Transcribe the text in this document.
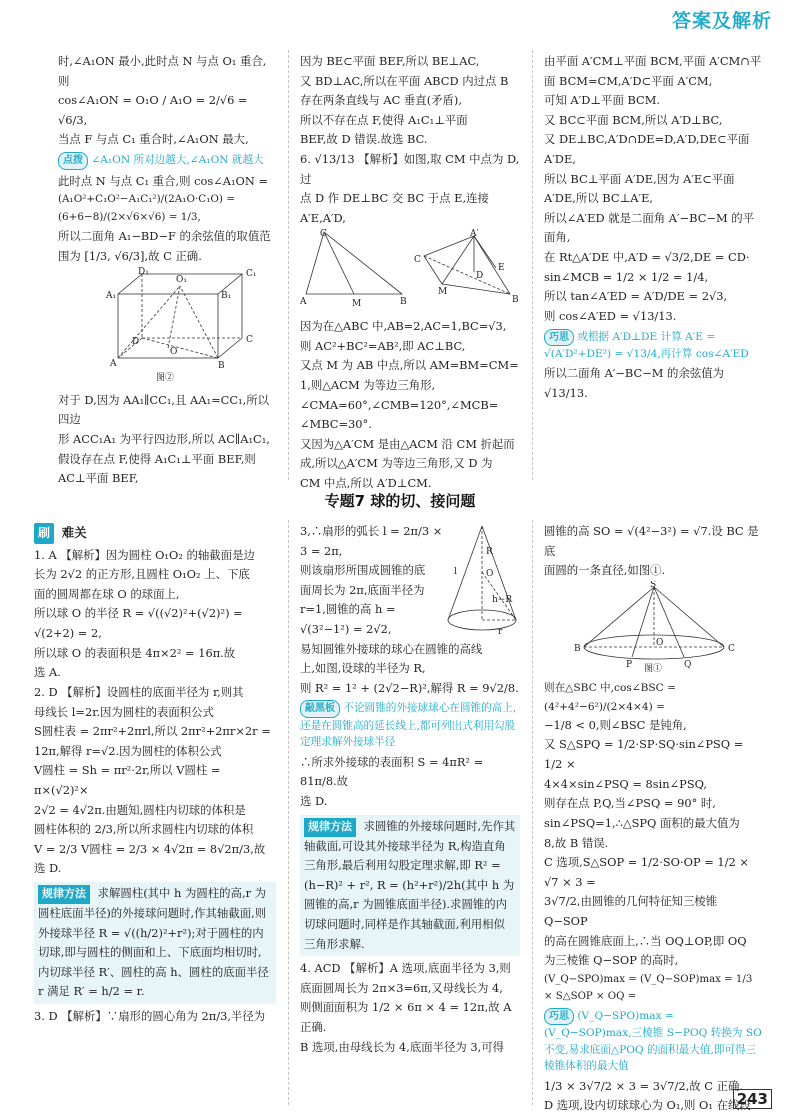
答案及解析

时,∠A₁ON 最小,此时点 N 与点 O₁ 重合,则

cos∠A₁ON = O₁O / A₁O = 2/√6 = √6/3,

当点 F 与点 C₁ 重合时,∠A₁ON 最大,

点拨 ∠A₁ON 所对边越大,∠A₁ON 就越大

此时点 N 与点 C₁ 重合,则 cos∠A₁ON =

(A₁O²+C₁O²−A₁C₁²)/(2A₁O·C₁O) = (6+6−8)/(2×√6×√6) = 1/3,

所以二面角 A₁−BD−F 的余弦值的取值范

围为 [1/3, √6/3],故 C 正确.

D₁
O₁
C₁
A₁	B₁
O
C
A	B
D
图②

对于 D,因为 AA₁∥CC₁,且 AA₁=CC₁,所以四边

形 ACC₁A₁ 为平行四边形,所以 AC∥A₁C₁,

假设存在点 F,使得 A₁C₁⊥平面 BEF,则

AC⊥平面 BEF,

因为 BE⊂平面 BEF,所以 BE⊥AC,

又 BD⊥AC,所以在平面 ABCD 内过点 B

存在两条直线与 AC 垂直(矛盾),

所以不存在点 F,使得 A₁C₁⊥平面

BEF,故 D 错误.故选 BC.

6. √13/13 【解析】如图,取 CM 中点为 D,过

点 D 作 DE⊥BC 交 BC 于点 E,连接

A′E,A′D,

C
A	M	B
A′
C
D
E
M
B

因为在△ABC 中,AB=2,AC=1,BC=√3,

则 AC²+BC²=AB²,即 AC⊥BC,

又点 M 为 AB 中点,所以 AM=BM=CM=

1,则△ACM 为等边三角形,

∠CMA=60°,∠CMB=120°,∠MCB=

∠MBC=30°.

又因为△A′CM 是由△ACM 沿 CM 折起而

成,所以△A′CM 为等边三角形,又 D 为

CM 中点,所以 A′D⊥CM.

由平面 A′CM⊥平面 BCM,平面 A′CM∩平

面 BCM=CM,A′D⊂平面 A′CM,

可知 A′D⊥平面 BCM.

又 BC⊂平面 BCM,所以 A′D⊥BC,

又 DE⊥BC,A′D∩DE=D,A′D,DE⊂平面

A′DE,

所以 BC⊥平面 A′DE,因为 A′E⊂平面

A′DE,所以 BC⊥A′E,

所以∠A′ED 就是二面角 A′−BC−M 的平

面角,

在 Rt△A′DE 中,A′D = √3/2,DE = CD·

sin∠MCB = 1/2 × 1/2 = 1/4,

所以 tan∠A′ED = A′D/DE = 2√3,

则 cos∠A′ED = √13/13.

巧思 或根据 A′D⊥DE 计算 A′E = √(A′D²+DE²) = √13/4,再计算 cos∠A′ED

所以二面角 A′−BC−M 的余弦值为 √13/13.

专题7 球的切、接问题

刷 难关

1. A 【解析】因为圆柱 O₁O₂ 的轴截面是边

长为 2√2 的正方形,且圆柱 O₁O₂ 上、下底

面的圆周都在球 O 的球面上,

所以球 O 的半径 R = √((√2)²+(√2)²) =

√(2+2) = 2,

所以球 O 的表面积是 4π×2² = 16π.故

选 A.

2. D 【解析】设圆柱的底面半径为 r,则其

母线长 l=2r.因为圆柱的表面积公式

S圆柱表 = 2πr²+2πrl,所以 2πr²+2πr×2r =

12π,解得 r=√2.因为圆柱的体积公式

V圆柱 = Sh = πr²·2r,所以 V圆柱 = π×(√2)²×

2√2 = 4√2π.由题知,圆柱内切球的体积是

圆柱体积的 2/3,所以所求圆柱内切球的体积

V = 2/3 V圆柱 = 2/3 × 4√2π = 8√2π/3,故选 D.

规律方法 求解圆柱(其中 h 为圆柱的高,r 为圆柱底面半径)的外接球问题时,作其轴截面,则外接球半径 R = √((h/2)²+r²);对于圆柱的内切球,即与圆柱的侧面和上、下底面均相切时,内切球半径 R′、圆柱的高 h、圆柱的底面半径 r 满足 R′ = h/2 = r.

3. D 【解析】∵扇形的圆心角为 2π/3,半径为

l	O
R
h−R
r

3,∴扇形的弧长 l = 2π/3 ×

3 = 2π,

则该扇形所围成圆锥的底

面周长为 2π,底面半径为

r=1,圆锥的高 h =

√(3²−1²) = 2√2,

易知圆锥外接球的球心在圆锥的高线

上,如图,设球的半径为 R,

则 R² = 1² + (2√2−R)²,解得 R = 9√2/8.

敲黑板 不论圆锥的外接球球心在圆锥的高上,还是在圆锥高的延长线上,都可列出式利用勾股定理求解外接球半径

∴所求外接球的表面积 S = 4πR² = 81π/8.故

选 D.

规律方法 求圆锥的外接球问题时,先作其轴截面,可设其外接球半径为 R,构造直角三角形,最后利用勾股定理求解,即 R² = (h−R)² + r², R = (h²+r²)/2h(其中 h 为圆锥的高,r 为圆锥底面半径).求圆锥的内切球问题时,同样是作其轴截面,利用相似三角形求解.

4. ACD 【解析】A 选项,底面半径为 3,则

底面圆周长为 2π×3=6π,又母线长为 4,

则侧面面积为 1/2 × 6π × 4 = 12π,故 A 正确.

B 选项,由母线长为 4,底面半径为 3,可得

圆锥的高 SO = √(4²−3²) = √7.设 BC 是底

面圆的一条直径,如图①.

S
B	C
O
P	Q
图①

则在△SBC 中,cos∠BSC = (4²+4²−6²)/(2×4×4) =

−1/8 < 0,则∠BSC 是钝角,

又 S△SPQ = 1/2·SP·SQ·sin∠PSQ = 1/2 ×

4×4×sin∠PSQ = 8sin∠PSQ,

则存在点 P,Q,当∠PSQ = 90° 时,

sin∠PSQ=1,∴△SPQ 面积的最大值为

8,故 B 错误.

C 选项,S△SOP = 1/2·SO·OP = 1/2 × √7 × 3 =

3√7/2,由圆锥的几何特征知三棱锥 Q−SOP

的高在圆锥底面上,∴当 OQ⊥OP,即 OQ

为三棱锥 Q−SOP 的高时,

(V_Q−SPO)max = (V_Q−SOP)max = 1/3 × S△SOP × OQ =

巧思 (V_Q−SPO)max = (V_Q−SOP)max,三棱锥 S−POQ 转换为 SO 不变,易求底面△POQ 的面积最大值,即可得三棱锥体积的最大值

1/3 × 3√7/2 × 3 = 3√7/2,故 C 正确.

D 选项,设内切球球心为 O₁,则 O₁ 在线段

243
